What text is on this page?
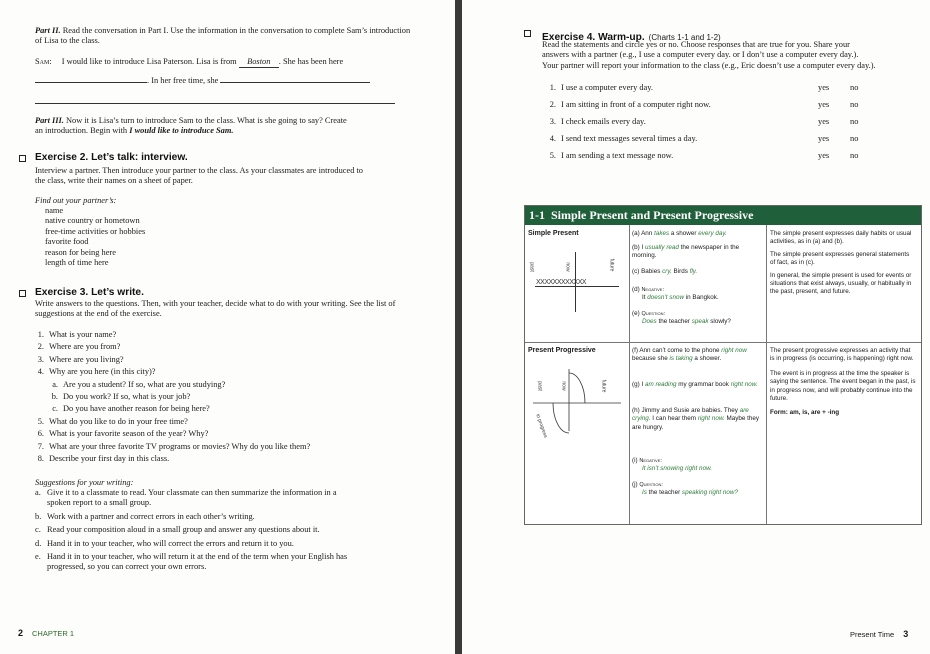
Part II. Read the conversation in Part I. Use the information in the conversation to complete Sam’s introduction of Lisa to the class.
Sam: I would like to introduce Lisa Paterson. Lisa is from Boston . She has been here
. In her free time, she
Part III. Now it is Lisa’s turn to introduce Sam to the class. What is she going to say? Create
an introduction. Begin with I would like to introduce Sam.
Exercise 2. Let’s talk: interview.
Interview a partner. Then introduce your partner to the class. As your classmates are introduced to the class, write their names on a sheet of paper.
Find out your partner’s:
name
native country or hometown
free-time activities or hobbies
favorite food
reason for being here
length of time here
Exercise 3. Let’s write.
Write answers to the questions. Then, with your teacher, decide what to do with your writing. See the list of suggestions at the end of the exercise.
1. What is your name?
2. Where are you from?
3. Where are you living?
4. Why are you here (in this city)?
a. Are you a student? If so, what are you studying?
b. Do you work? If so, what is your job?
c. Do you have another reason for being here?
5. What do you like to do in your free time?
6. What is your favorite season of the year? Why?
7. What are your three favorite TV programs or movies? Why do you like them?
8. Describe your first day in this class.
Suggestions for your writing:
a. Give it to a classmate to read. Your classmate can then summarize the information in a
spoken report to a small group.
b. Work with a partner and correct errors in each other’s writing.
c. Read your composition aloud in a small group and answer any questions about it.
d. Hand it in to your teacher, who will correct the errors and return it to you.
e. Hand it in to your teacher, who will return it at the end of the term when your English has
progressed, so you can correct your own errors.
2 CHAPTER 1
Exercise 4. Warm-up. (Charts 1-1 and 1-2)
Read the statements and circle yes or no. Choose responses that are true for you. Share your
answers with a partner (e.g., I use a computer every day. or I don’t use a computer every day.).
Your partner will report your information to the class (e.g., Eric doesn’t use a computer every day.).
1. I use a computer every day.	yes no
2. I am sitting in front of a computer right now.	yes no
3. I check emails every day.	yes no
4. I send text messages several times a day.	yes no
5. I am sending a text message now.	yes no
1-1 Simple Present and Present Progressive
Simple Present
XXXXXXXXXXXX
past	now	future
(a) Ann takes a shower every day.
(b) I usually read the newspaper in the morning.
(c) Babies cry. Birds fly.
(d) Negative:
It doesn’t snow in Bangkok.
(e) Question:
Does the teacher speak slowly?
The simple present expresses daily habits or usual activities, as in (a) and (b).
The simple present expresses general statements of fact, as in (c).
In general, the simple present is used for events or situations that exist always, usually, or habitually in the past, present, and future.
Present Progressive
past	now	future
in progress
(f) Ann can’t come to the phone right now because she is taking a shower.
(g) I am reading my grammar book right now.
(h) Jimmy and Susie are babies. They are crying. I can hear them right now. Maybe they are hungry.
(i) Negative:
It isn’t snowing right now.
(j) Question:
Is the teacher speaking right now?
The present progressive expresses an activity that is in progress (is occurring, is happening) right now.
The event is in progress at the time the speaker is saying the sentence. The event began in the past, is in progress now, and will probably continue into the future.
Form: am, is, are + -ing
Present Time 3
